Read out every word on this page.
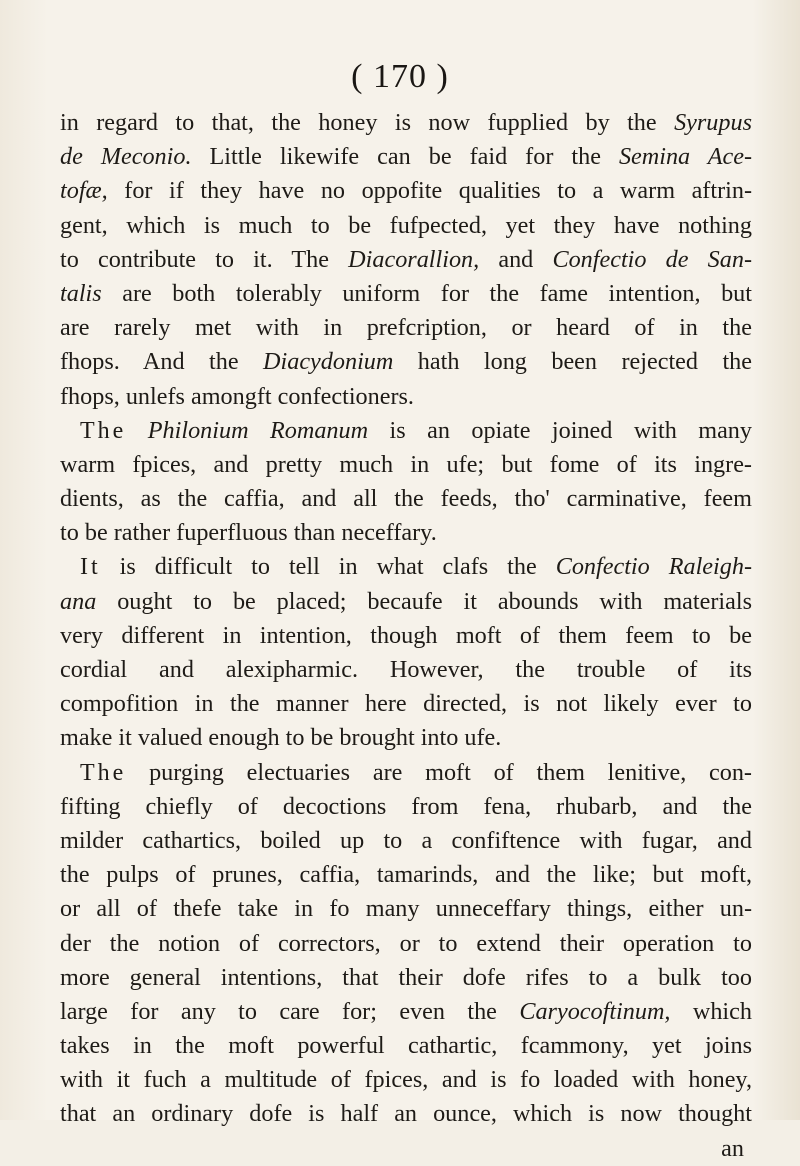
( 170 )
in regard to that, the honey is now fupplied by the Syrupus
de Meconio. Little likewife can be faid for the Semina Ace-
tofæ, for if they have no oppofite qualities to a warm aftrin-
gent, which is much to be fufpected, yet they have nothing
to contribute to it. The Diacorallion, and Confectio de San-
talis are both tolerably uniform for the fame intention, but
are rarely met with in prefcription, or heard of in the
fhops. And the Diacydonium hath long been rejected the
fhops, unlefs amongft confectioners.
The Philonium Romanum is an opiate joined with many
warm fpices, and pretty much in ufe; but fome of its ingre-
dients, as the caffia, and all the feeds, tho' carminative, feem
to be rather fuperfluous than neceffary.
It is difficult to tell in what clafs the Confectio Raleigh-
ana ought to be placed; becaufe it abounds with materials
very different in intention, though moft of them feem to be
cordial and alexipharmic. However, the trouble of its
compofition in the manner here directed, is not likely ever to
make it valued enough to be brought into ufe.
The purging electuaries are moft of them lenitive, con-
fifting chiefly of decoctions from fena, rhubarb, and the
milder cathartics, boiled up to a confiftence with fugar, and
the pulps of prunes, caffia, tamarinds, and the like; but moft,
or all of thefe take in fo many unneceffary things, either un-
der the notion of correctors, or to extend their operation to
more general intentions, that their dofe rifes to a bulk too
large for any to care for; even the Caryocoftinum, which
takes in the moft powerful cathartic, fcammony, yet joins
with it fuch a multitude of fpices, and is fo loaded with honey,
that an ordinary dofe is half an ounce, which is now thought
an
